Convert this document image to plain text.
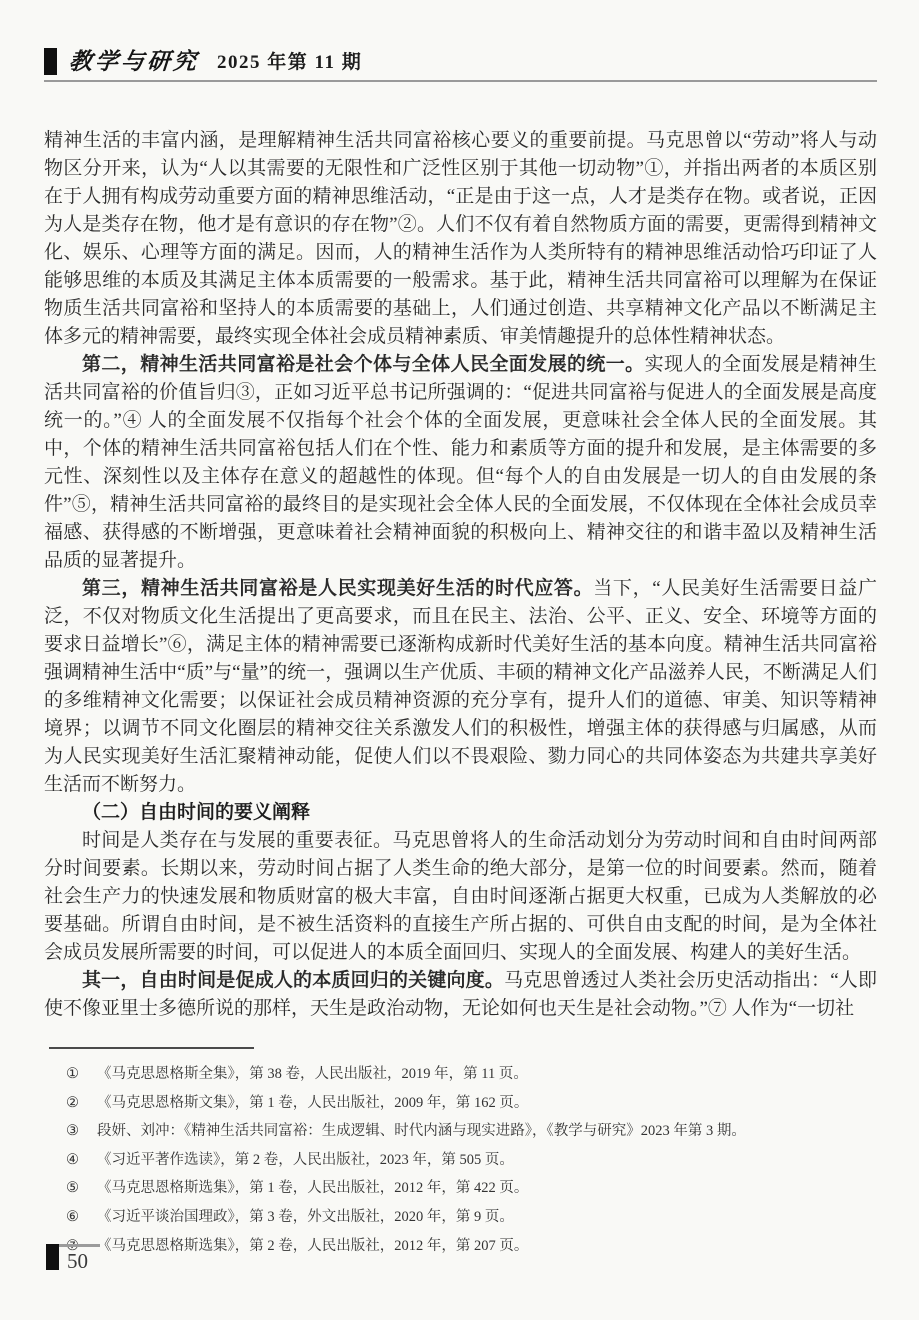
教学与研究 2025 年第 11 期

精神生活的丰富内涵，是理解精神生活共同富裕核心要义的重要前提。马克思曾以“劳动”将人与动物区分开来，认为“人以其需要的无限性和广泛性区别于其他一切动物”①，并指出两者的本质区别在于人拥有构成劳动重要方面的精神思维活动，“正是由于这一点，人才是类存在物。或者说，正因为人是类存在物，他才是有意识的存在物”②。人们不仅有着自然物质方面的需要，更需得到精神文化、娱乐、心理等方面的满足。因而，人的精神生活作为人类所特有的精神思维活动恰巧印证了人能够思维的本质及其满足主体本质需要的一般需求。基于此，精神生活共同富裕可以理解为在保证物质生活共同富裕和坚持人的本质需要的基础上，人们通过创造、共享精神文化产品以不断满足主体多元的精神需要，最终实现全体社会成员精神素质、审美情趣提升的总体性精神状态。

第二，精神生活共同富裕是社会个体与全体人民全面发展的统一。实现人的全面发展是精神生活共同富裕的价值旨归③，正如习近平总书记所强调的：“促进共同富裕与促进人的全面发展是高度统一的。”④ 人的全面发展不仅指每个社会个体的全面发展，更意味社会全体人民的全面发展。其中，个体的精神生活共同富裕包括人们在个性、能力和素质等方面的提升和发展，是主体需要的多元性、深刻性以及主体存在意义的超越性的体现。但“每个人的自由发展是一切人的自由发展的条件”⑤，精神生活共同富裕的最终目的是实现社会全体人民的全面发展，不仅体现在全体社会成员幸福感、获得感的不断增强，更意味着社会精神面貌的积极向上、精神交往的和谐丰盈以及精神生活品质的显著提升。

第三，精神生活共同富裕是人民实现美好生活的时代应答。当下，“人民美好生活需要日益广泛，不仅对物质文化生活提出了更高要求，而且在民主、法治、公平、正义、安全、环境等方面的要求日益增长”⑥，满足主体的精神需要已逐渐构成新时代美好生活的基本向度。精神生活共同富裕强调精神生活中“质”与“量”的统一，强调以生产优质、丰硕的精神文化产品滋养人民，不断满足人们的多维精神文化需要；以保证社会成员精神资源的充分享有，提升人们的道德、审美、知识等精神境界；以调节不同文化圈层的精神交往关系激发人们的积极性，增强主体的获得感与归属感，从而为人民实现美好生活汇聚精神动能，促使人们以不畏艰险、勠力同心的共同体姿态为共建共享美好生活而不断努力。

（二）自由时间的要义阐释

时间是人类存在与发展的重要表征。马克思曾将人的生命活动划分为劳动时间和自由时间两部分时间要素。长期以来，劳动时间占据了人类生命的绝大部分，是第一位的时间要素。然而，随着社会生产力的快速发展和物质财富的极大丰富，自由时间逐渐占据更大权重，已成为人类解放的必要基础。所谓自由时间，是不被生活资料的直接生产所占据的、可供自由支配的时间，是为全体社会成员发展所需要的时间，可以促进人的本质全面回归、实现人的全面发展、构建人的美好生活。

其一，自由时间是促成人的本质回归的关键向度。马克思曾透过人类社会历史活动指出：“人即使不像亚里士多德所说的那样，天生是政治动物，无论如何也天生是社会动物。”⑦ 人作为“一切社

①	《马克思恩格斯全集》，第 38 卷，人民出版社，2019 年，第 11 页。
②	《马克思恩格斯文集》，第 1 卷，人民出版社，2009 年，第 162 页。
③	段妍、刘冲：《精神生活共同富裕：生成逻辑、时代内涵与现实进路》，《教学与研究》2023 年第 3 期。
④	《习近平著作选读》，第 2 卷，人民出版社，2023 年，第 505 页。
⑤	《马克思恩格斯选集》，第 1 卷，人民出版社，2012 年，第 422 页。
⑥	《习近平谈治国理政》，第 3 卷，外文出版社，2020 年，第 9 页。
⑦	《马克思恩格斯选集》，第 2 卷，人民出版社，2012 年，第 207 页。
50
